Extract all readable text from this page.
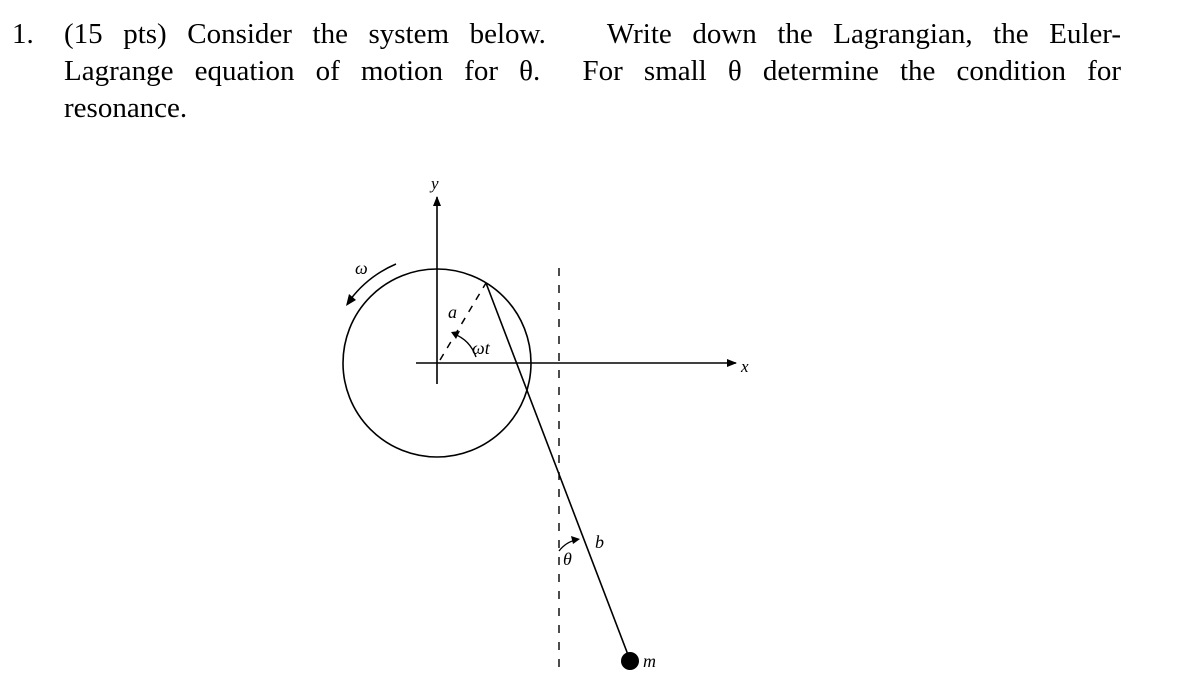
1.

(15 pts) Consider the system below.   Write down the Lagrangian, the Euler-

Lagrange equation of motion for θ.  For small θ determine the condition for
resonance.
y
x
ω
a
ωt
θ
b
m
